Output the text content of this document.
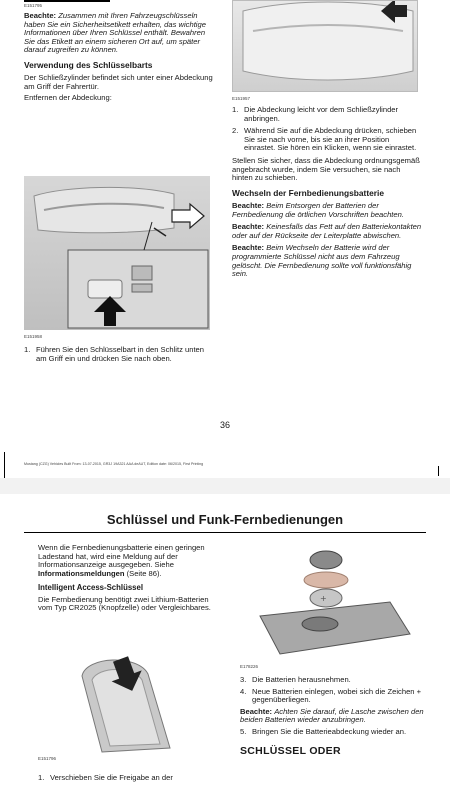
E151795

Beachte: Zusammen mit Ihren Fahrzeugschlüsseln haben Sie ein Sicherheitsetikett erhalten, das wichtige Informationen über Ihren Schlüssel enthält. Bewahren Sie das Etikett an einem sicheren Ort auf, um später darauf zugreifen zu können.

Verwendung des Schlüsselbarts

Der Schließzylinder befindet sich unter einer Abdeckung am Griff der Fahrertür.

Entfernen der Abdeckung:

E151958
1. Führen Sie den Schlüsselbart in den Schlitz unten am Griff ein und drücken Sie nach oben.
E151957
1. Die Abdeckung leicht vor dem Schließzylinder anbringen.
2. Während Sie auf die Abdeckung drücken, schieben Sie sie nach vorne, bis sie an ihrer Position einrastet. Sie hören ein Klicken, wenn sie einrastet.

Stellen Sie sicher, dass die Abdeckung ordnungsgemäß angebracht wurde, indem Sie versuchen, sie nach hinten zu schieben.

Wechseln der Fernbedienungsbatterie

Beachte: Beim Entsorgen der Batterien der Fernbedienung die örtlichen Vorschriften beachten.

Beachte: Keinesfalls das Fett auf den Batteriekontakten oder auf der Rückseite der Leiterplatte abwischen.

Beachte: Beim Wechseln der Batterie wird der programmierte Schlüssel nicht aus dem Fahrzeug gelöscht. Die Fernbedienung sollte voll funktionsfähig sein.

36
Mustang (CZG) Vehicles Built From: 13-07-2015, GR3J 19A321 AAA deAUT, Edition date: 06/2015, First Printing
Schlüssel und Funk-Fernbedienungen

Wenn die Fernbedienungsbatterie einen geringen Ladestand hat, wird eine Meldung auf der Informationsanzeige ausgegeben. Siehe Informationsmeldungen (Seite 86).

Intelligent Access-Schlüssel

Die Fernbedienung benötigt zwei Lithium-Batterien vom Typ CR2025 (Knopfzelle) oder Vergleichbares.

E151796
1. Verschieben Sie die Freigabe an der
+
E178226
3. Die Batterien herausnehmen.
4. Neue Batterien einlegen, wobei sich die Zeichen + gegenüberliegen.

Beachte: Achten Sie darauf, die Lasche zwischen den beiden Batterien wieder anzubringen.

5. Bringen Sie die Batterieabdeckung wieder an.
SCHLÜSSEL ODER
